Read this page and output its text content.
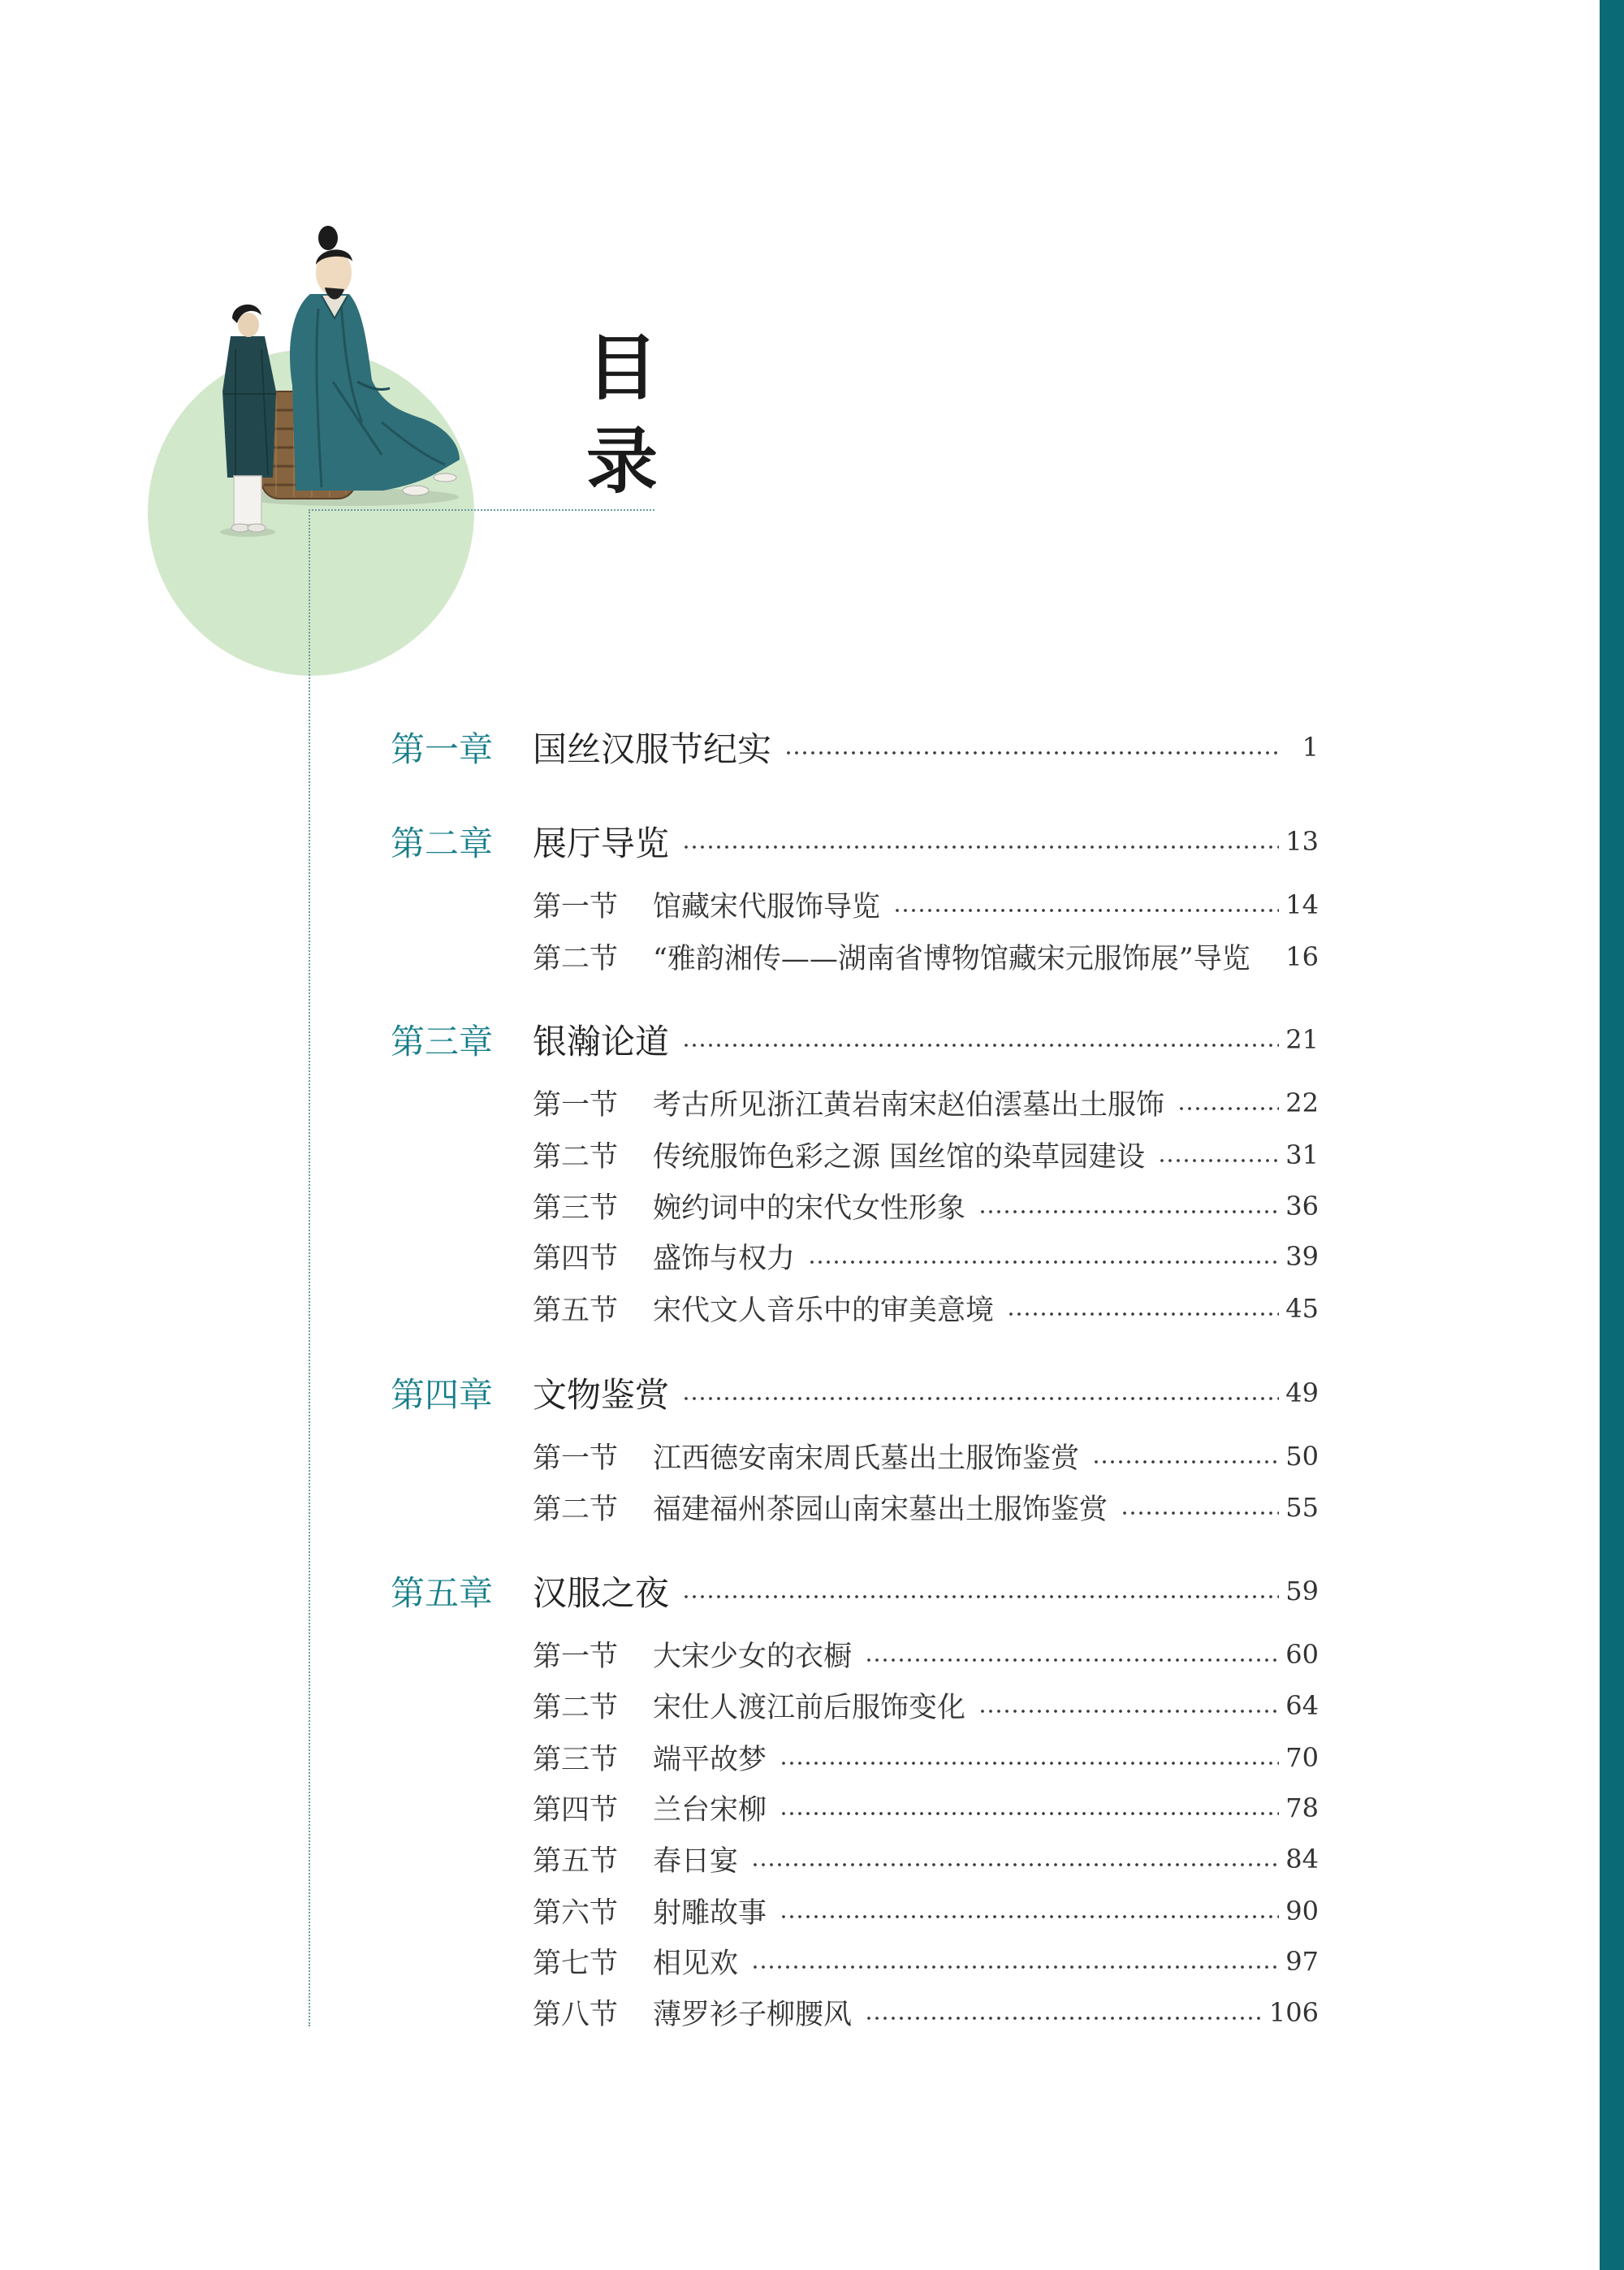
目录
第一章	国丝汉服节纪实	1
第二章	展厅导览	13
第一节	馆藏宋代服饰导览	14
第二节	“雅韵湘传——湖南省博物馆藏宋元服饰展”导览 16
第三章	银瀚论道	21
第一节	考古所见浙江黄岩南宋赵伯澐墓出土服饰	22
第二节	传统服饰色彩之源 国丝馆的染草园建设	31
第三节	婉约词中的宋代女性形象	36
第四节	盛饰与权力	39
第五节	宋代文人音乐中的审美意境	45
第四章	文物鉴赏	49
第一节	江西德安南宋周氏墓出土服饰鉴赏	50
第二节	福建福州茶园山南宋墓出土服饰鉴赏	55
第五章	汉服之夜	59
第一节	大宋少女的衣橱	60
第二节	宋仕人渡江前后服饰变化	64
第三节	端平故梦	70
第四节	兰台宋柳	78
第五节	春日宴	84
第六节	射雕故事	90
第七节	相见欢	97
第八节	薄罗衫子柳腰风	106
